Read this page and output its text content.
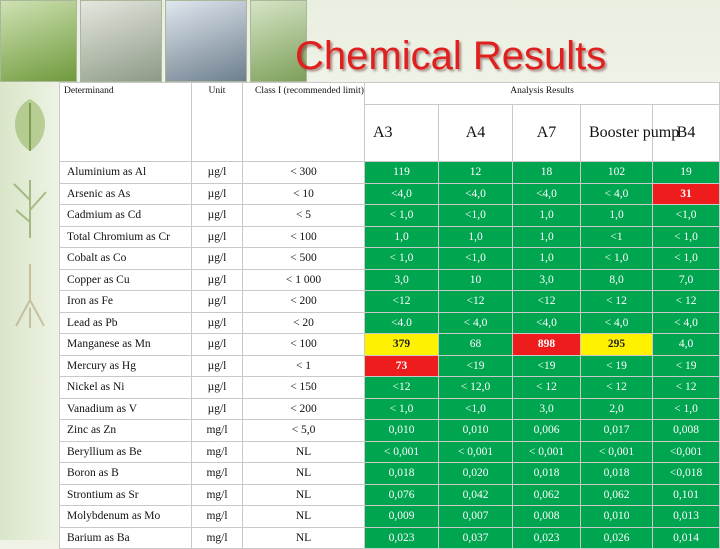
Chemical Results
Determinand	Unit	Class I (recommended limit)	Analysis Results				
			A3	A4	A7	Booster pump	B4
Aluminium as Al	µg/l	< 300	119	12	18	102	19
Arsenic as As	µg/l	< 10	<4,0	<4,0	<4,0	< 4,0	31
Cadmium as Cd	µg/l	< 5	< 1,0	<1,0	1,0	1,0	<1,0
Total Chromium as Cr	µg/l	< 100	1,0	1,0	1,0	<1	< 1,0
Cobalt as Co	µg/l	< 500	< 1,0	<1,0	1,0	< 1,0	< 1,0
Copper as Cu	µg/l	< 1 000	3,0	10	3,0	8,0	7,0
Iron as Fe	µg/l	< 200	<12	<12	<12	< 12	< 12
Lead as Pb	µg/l	< 20	<4.0	< 4,0	<4,0	< 4,0	< 4,0
Manganese as Mn	µg/l	< 100	379	68	898	295	4,0
Mercury as Hg	µg/l	< 1	73	<19	<19	< 19	< 19
Nickel as Ni	µg/l	< 150	<12	< 12,0	< 12	< 12	< 12
Vanadium as V	µg/l	< 200	< 1,0	<1,0	3,0	2,0	< 1,0
Zinc as Zn	mg/l	< 5,0	0,010	0,010	0,006	0,017	0,008
Beryllium as Be	mg/l	NL	< 0,001	< 0,001	< 0,001	< 0,001	<0,001
Boron as B	mg/l	NL	0,018	0,020	0,018	0,018	<0,018
Strontium as Sr	mg/l	NL	0,076	0,042	0,062	0,062	0,101
Molybdenum as Mo	mg/l	NL	0,009	0,007	0,008	0,010	0,013
Barium as Ba	mg/l	NL	0,023	0,037	0,023	0,026	0,014
